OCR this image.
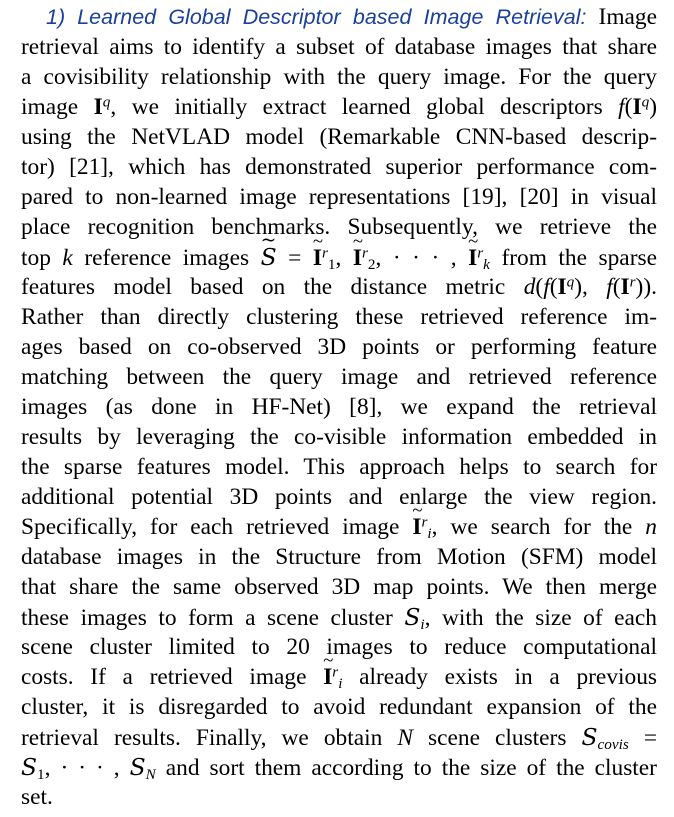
1) Learned Global Descriptor based Image Retrieval: Image
retrieval aims to identify a subset of database images that share
a covisibility relationship with the query image. For the query
image $I^q$, we initially extract learned global descriptors $f(I^q)$
using the NetVLAD model (Remarkable CNN-based descrip-
tor) [21], which has demonstrated superior performance com-
pared to non-learned image representations [19], [20] in visual
place recognition benchmarks. Subsequently, we retrieve the
top k reference images ~ S = ~ $I^r_1$, ~ $I^r_2$, · · · , ~ $I^r_k$ from the sparse
features model based on the distance metric $d(f(I^q)$, $f(I^r)$).
Rather than directly clustering these retrieved reference im-
ages based on co-observed 3D points or performing feature
matching between the query image and retrieved reference
images (as done in HF-Net) [8], we expand the retrieval
results by leveraging the co-visible information embedded in
the sparse features model. This approach helps to search for
additional potential 3D points and enlarge the view region.
Specifically, for each retrieved image ~ $I^r_i$, we search for the n
database images in the Structure from Motion (SFM) model
that share the same observed 3D map points. We then merge
these images to form a scene cluster $S_i$, with the size of each
scene cluster limited to 20 images to reduce computational
costs. If a retrieved image ~ $I^r_i$ already exists in a previous
cluster, it is disregarded to avoid redundant expansion of the
retrieval results. Finally, we obtain N scene clusters $S_{covis}$ =
$S_1$, · · · , $S_N$ and sort them according to the size of the cluster
set.
